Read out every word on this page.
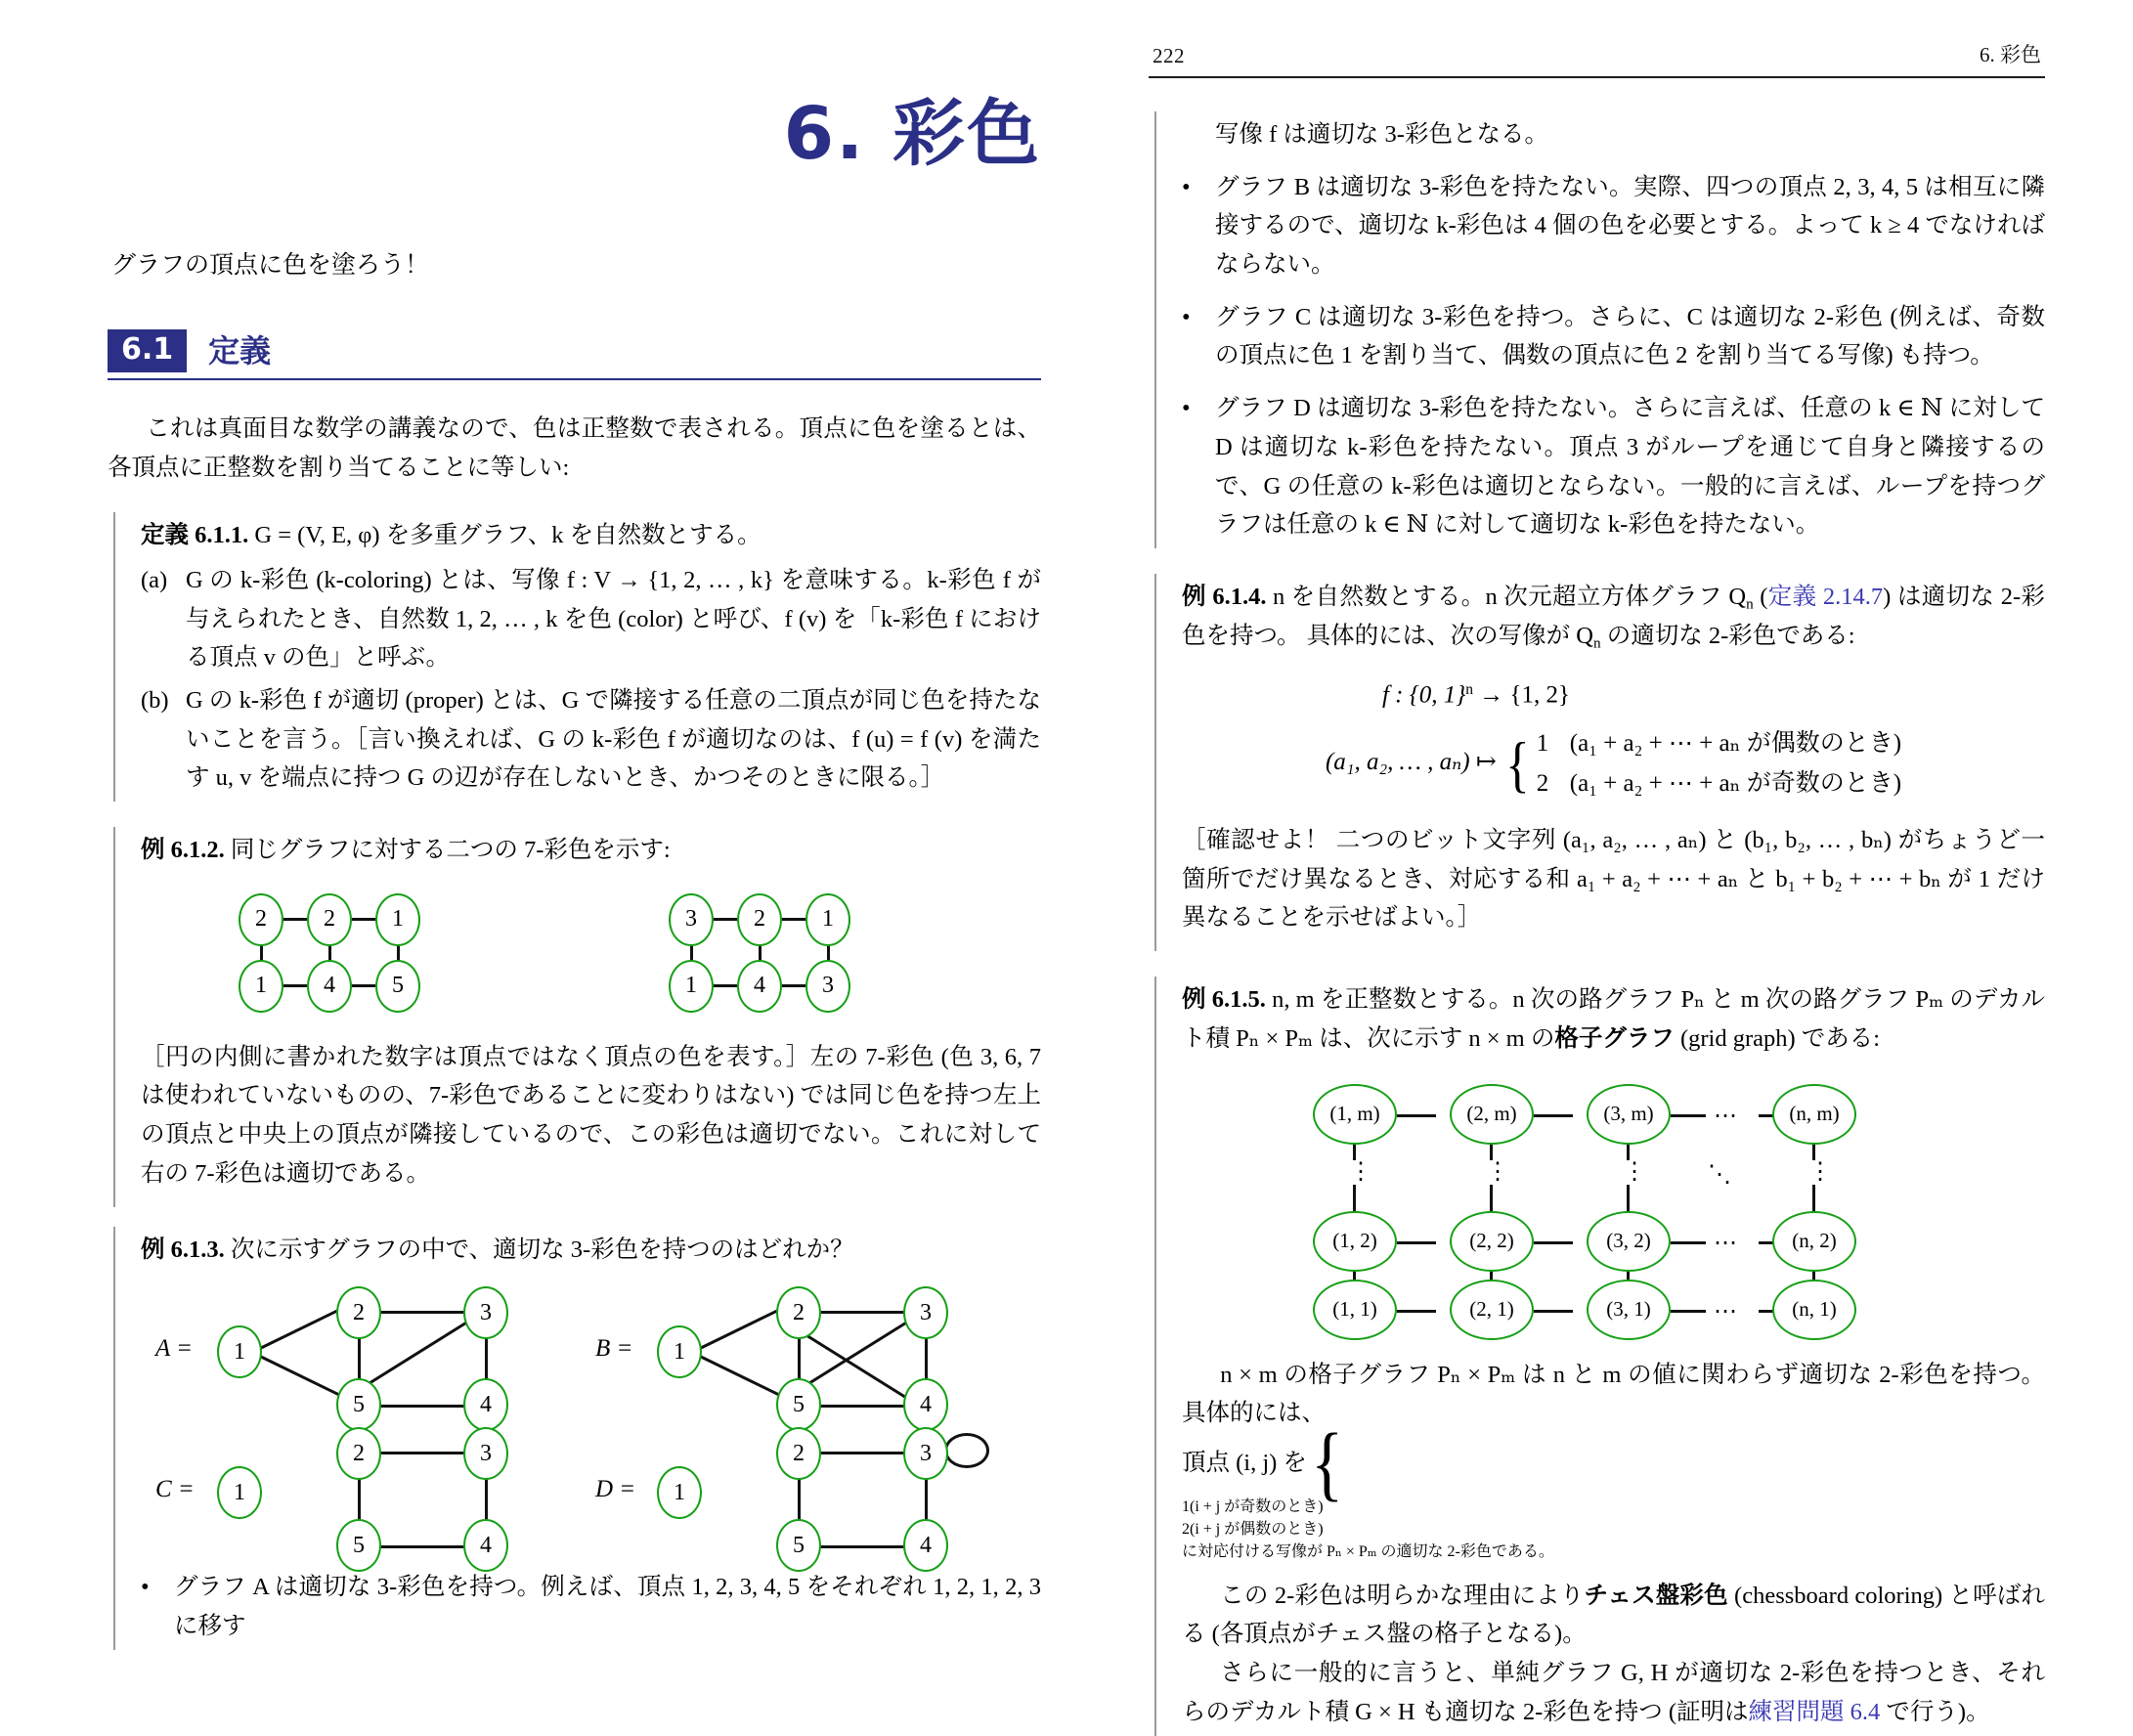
6. 彩色

グラフの頂点に色を塗ろう！

6.1	定義

これは真面目な数学の講義なので、色は正整数で表される。頂点に色を塗るとは、各頂点に正整数を割り当てることに等しい:

定義 6.1.1. G = (V, E, φ) を多重グラフ、k を自然数とする。

(a) G の k-彩色 (k-coloring) とは、写像 f : V → {1, 2, … , k} を意味する。k-彩色 f が与えられたとき、自然数 1, 2, … , k を色 (color) と呼び、f (v) を「k-彩色 f における頂点 v の色」と呼ぶ。
(b) G の k-彩色 f が適切 (proper) とは、G で隣接する任意の二頂点が同じ色を持たないことを言う。［言い換えれば、G の k-彩色 f が適切なのは、f (u) = f (v) を満たす u, v を端点に持つ G の辺が存在しないとき、かつそのときに限る。］

例 6.1.2. 同じグラフに対する二つの 7-彩色を示す:

2	2	1
1	4	5
3	2	1
1	4	3

［円の内側に書かれた数字は頂点ではなく頂点の色を表す。］左の 7-彩色 (色 3, 6, 7 は使われていないものの、7-彩色であることに変わりはない) では同じ色を持つ左上の頂点と中央上の頂点が隣接しているので、この彩色は適切でない。これに対して右の 7-彩色は適切である。

例 6.1.3. 次に示すグラフの中で、適切な 3-彩色を持つのはどれか？

A =	1
2	3
5	4
B =	1
2	3
5	4
C =	1
2	3
5	4
D =	1
2	3
5	4
•	グラフ A は適切な 3-彩色を持つ。例えば、頂点 1, 2, 3, 4, 5 をそれぞれ 1, 2, 1, 2, 3 に移す
222	6. 彩色

写像 f は適切な 3-彩色となる。

•	グラフ B は適切な 3-彩色を持たない。実際、四つの頂点 2, 3, 4, 5 は相互に隣接するので、適切な k-彩色は 4 個の色を必要とする。よって k ≥ 4 でなければならない。
•	グラフ C は適切な 3-彩色を持つ。さらに、C は適切な 2-彩色 (例えば、奇数の頂点に色 1 を割り当て、偶数の頂点に色 2 を割り当てる写像) も持つ。
•	グラフ D は適切な 3-彩色を持たない。さらに言えば、任意の k ∈ ℕ に対して D は適切な k-彩色を持たない。頂点 3 がループを通じて自身と隣接するので、G の任意の k-彩色は適切とならない。一般的に言えば、ループを持つグラフは任意の k ∈ ℕ に対して適切な k-彩色を持たない。

例 6.1.4. n を自然数とする。n 次元超立方体グラフ $Q_n$ (定義 2.14.7) は適切な 2-彩色を持つ。 具体的には、次の写像が $Q_n$ の適切な 2-彩色である:

f : {0, 1}$^n$ → {1, 2}
(a₁, a₂, … , aₙ) ↦ { 1 (a₁ + a₂ + ⋯ + aₙ が偶数のとき)
2 (a₁ + a₂ + ⋯ + aₙ が奇数のとき)

［確認せよ！ 二つのビット文字列 (a₁, a₂, … , aₙ) と (b₁, b₂, … , bₙ) がちょうど一箇所でだけ異なるとき、対応する和 a₁ + a₂ + ⋯ + aₙ と b₁ + b₂ + ⋯ + bₙ が 1 だけ異なることを示せばよい。］

例 6.1.5. n, m を正整数とする。n 次の路グラフ Pₙ と m 次の路グラフ Pₘ のデカルト積 Pₙ × Pₘ は、次に示す n × m の格子グラフ (grid graph) である:

⋯
⋯
⋯
⋮	⋮	⋮	⋮
⋱
(1, m)	(2, m)	(3, m)	(n, m)
(1, 2)	(2, 2)	(3, 2)	(n, 2)
(1, 1)	(2, 1)	(3, 1)	(n, 1)

n × m の格子グラフ Pₙ × Pₘ は n と m の値に関わらず適切な 2-彩色を持つ。具体的には、

頂点 (i, j) を {

1(i + j が奇数のとき)
2(i + j が偶数のとき)
に対応付ける写像が Pₙ × Pₘ の適切な 2-彩色である。

この 2-彩色は明らかな理由によりチェス盤彩色 (chessboard coloring) と呼ばれる (各頂点がチェス盤の格子となる)。

さらに一般的に言うと、単純グラフ G, H が適切な 2-彩色を持つとき、それらのデカルト積 G × H も適切な 2-彩色を持つ (証明は練習問題 6.4 で行う)。
